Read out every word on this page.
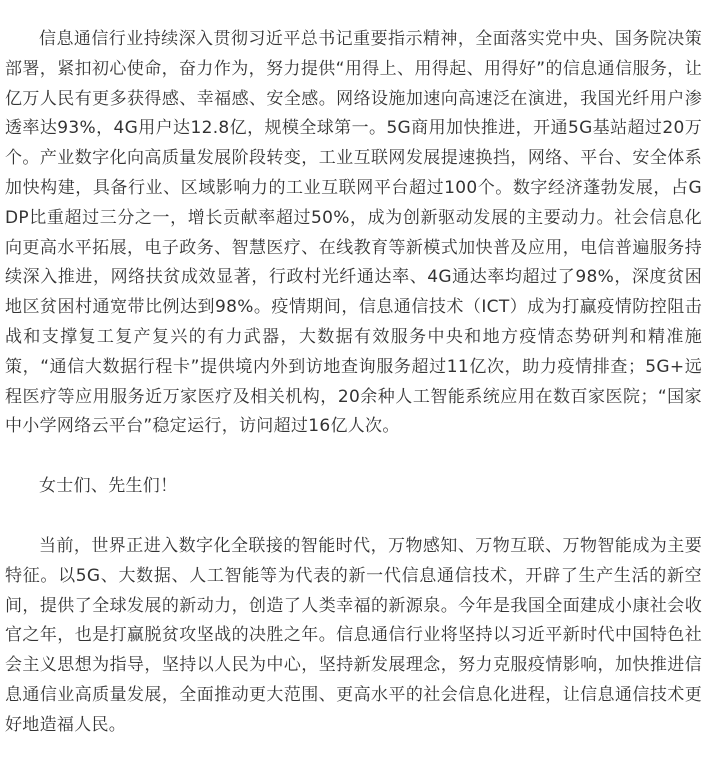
信息通信行业持续深入贯彻习近平总书记重要指示精神，全面落实党中央、国务院决策部署，紧扣初心使命，奋力作为，努力提供“用得上、用得起、用得好”的信息通信服务，让亿万人民有更多获得感、幸福感、安全感。网络设施加速向高速泛在演进，我国光纤用户渗透率达93%，4G用户达12.8亿，规模全球第一。5G商用加快推进，开通5G基站超过20万个。产业数字化向高质量发展阶段转变，工业互联网发展提速换挡，网络、平台、安全体系加快构建，具备行业、区域影响力的工业互联网平台超过100个。数字经济蓬勃发展，占GDP比重超过三分之一，增长贡献率超过50%，成为创新驱动发展的主要动力。社会信息化向更高水平拓展，电子政务、智慧医疗、在线教育等新模式加快普及应用，电信普遍服务持续深入推进，网络扶贫成效显著，行政村光纤通达率、4G通达率均超过了98%，深度贫困地区贫困村通宽带比例达到98%。疫情期间，信息通信技术（ICT）成为打赢疫情防控阻击战和支撑复工复产复兴的有力武器，大数据有效服务中央和地方疫情态势研判和精准施策，“通信大数据行程卡”提供境内外到访地查询服务超过11亿次，助力疫情排查；5G+远程医疗等应用服务近万家医疗及相关机构，20余种人工智能系统应用在数百家医院；“国家中小学网络云平台”稳定运行，访问超过16亿人次。

女士们、先生们！

当前，世界正进入数字化全联接的智能时代，万物感知、万物互联、万物智能成为主要特征。以5G、大数据、人工智能等为代表的新一代信息通信技术，开辟了生产生活的新空间，提供了全球发展的新动力，创造了人类幸福的新源泉。今年是我国全面建成小康社会收官之年，也是打赢脱贫攻坚战的决胜之年。信息通信行业将坚持以习近平新时代中国特色社会主义思想为指导，坚持以人民为中心，坚持新发展理念，努力克服疫情影响，加快推进信息通信业高质量发展，全面推动更大范围、更高水平的社会信息化进程，让信息通信技术更好地造福人民。
